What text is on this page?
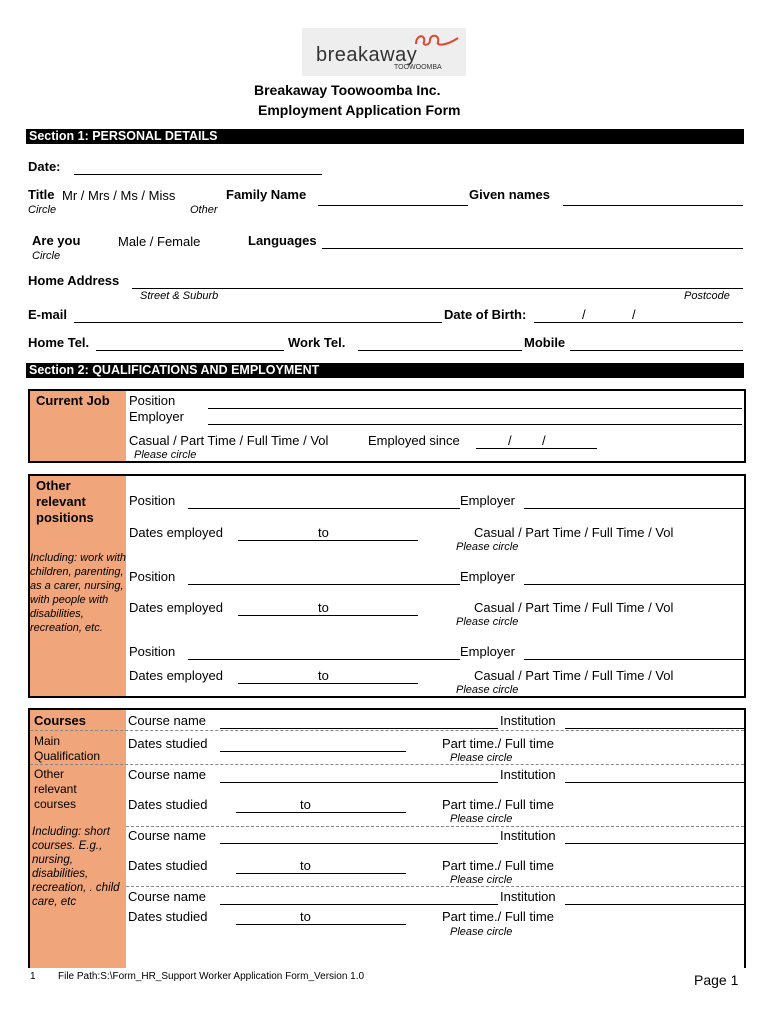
breakaway
TOOWOOMBA
Breakaway Toowoomba Inc.
Employment Application Form
Section 1: PERSONAL DETAILS
Date:
Title Mr / Mrs / Ms / Miss
Circle	Other
Family Name	Given names
Are you	Male / Female
Circle
Languages
Home Address
Street & Suburb	Postcode
E-mail	Date of Birth:	/	/
Home Tel.	Work Tel.	Mobile
Section 2: QUALIFICATIONS AND EMPLOYMENT
Current Job Position
Employer
Casual / Part Time / Full Time / Vol	Employed since	/ /
Please circle
Other relevant positions
Including: work with children, parenting, as a carer, nursing, with people with disabilities, recreation, etc.
Position	Employer
Dates employed	to	Casual / Part Time / Full Time / Vol
Please circle
Position	Employer
Dates employed	to	Casual / Part Time / Full Time / Vol
Please circle
Position	Employer
Dates employed	to	Casual / Part Time / Full Time / Vol
Please circle
Courses
Main Qualification
Other relevant courses
Including: short courses. E.g., nursing, disabilities, recreation, . child care, etc
Course name	Institution
Dates studied	Part time./ Full time
Please circle
Course name	Institution
Dates studied	to	Part time./ Full time
Please circle
Course name	Institution
Dates studied	to	Part time./ Full time
Please circle
Course name	Institution
Dates studied	to	Part time./ Full time
Please circle
1 File Path:S:\Form_HR_Support Worker Application Form_Version 1.0	Page 1
